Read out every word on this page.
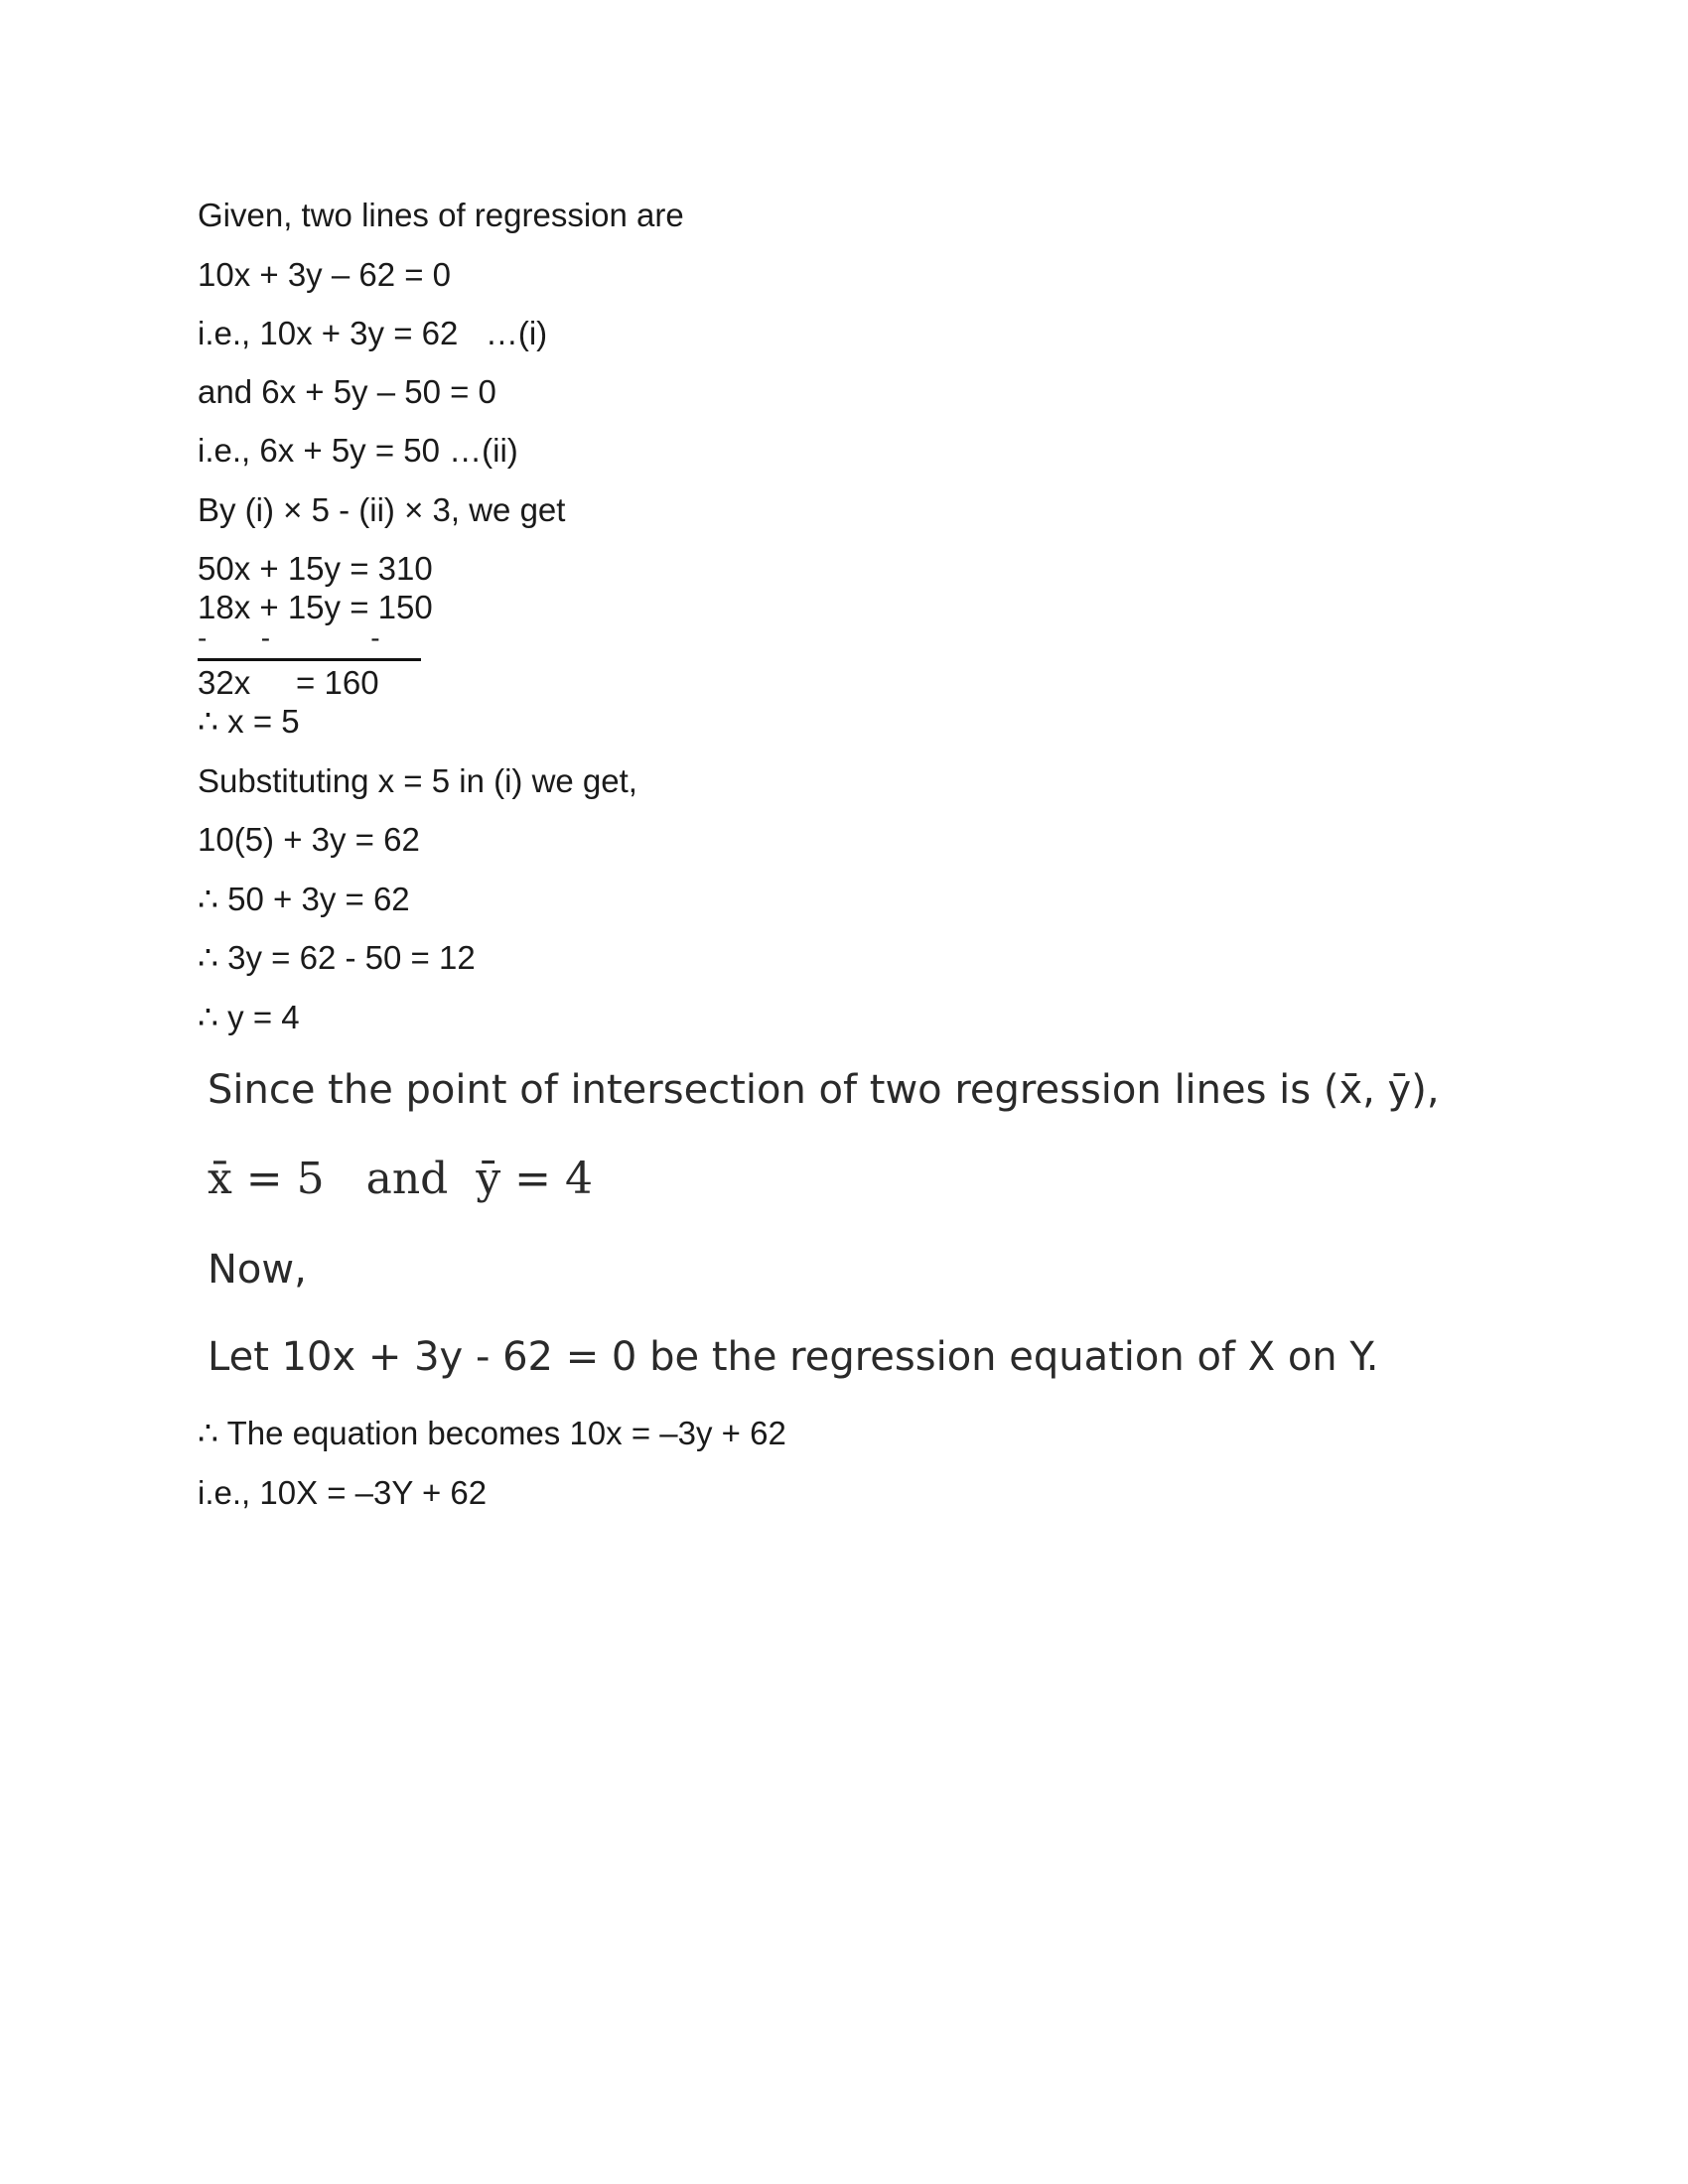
Given, two lines of regression are
10x + 3y – 62 = 0
i.e., 10x + 3y = 62   …(i)
and 6x + 5y – 50 = 0
i.e., 6x + 5y = 50 …(ii)
By (i) × 5 - (ii) × 3, we get
50x + 15y = 310
18x + 15y = 150
-       -             -
32x     = 160
∴ x = 5
Substituting x = 5 in (i) we get,
10(5) + 3y = 62
∴ 50 + 3y = 62
∴ 3y = 62 - 50 = 12
∴ y = 4
Since the point of intersection of two regression lines is (x̄, ȳ),
x̄ = 5   and  ȳ = 4
Now,
Let 10x + 3y - 62 = 0 be the regression equation of X on Y.
∴ The equation becomes 10x = –3y + 62
i.e., 10X = –3Y + 62
